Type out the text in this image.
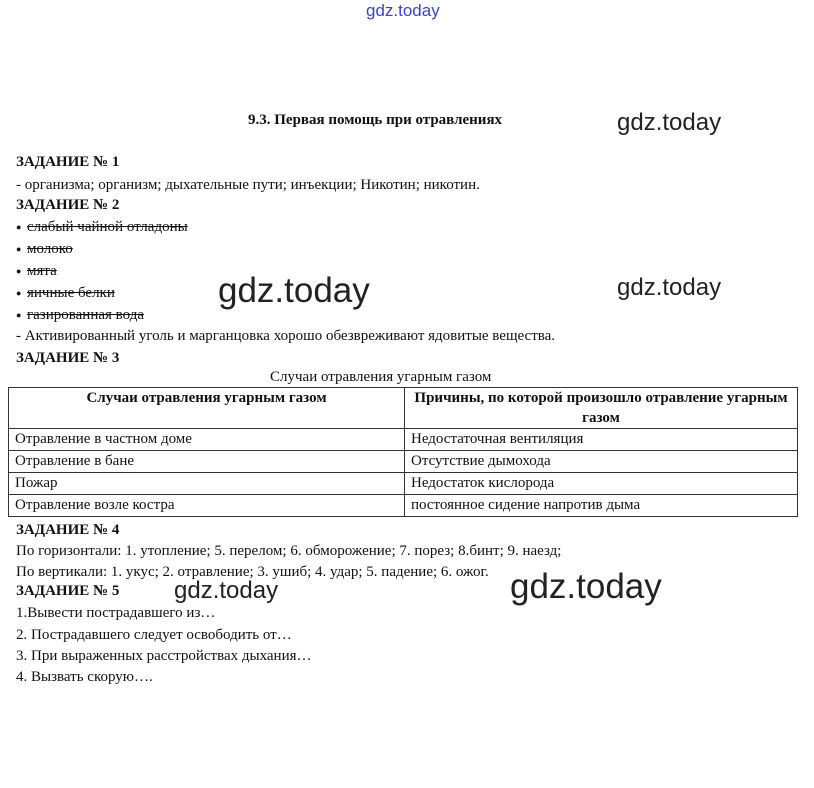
gdz.today
9.3. Первая помощь при отравлениях	gdz.today
ЗАДАНИЕ № 1
- организма; организм; дыхательные пути; инъекции; Никотин; никотин.
ЗАДАНИЕ № 2
● слабый чайной отладоны
● молоко
● мята
● яичные белки
● газированная вода
gdz.today	gdz.today
- Активированный уголь и марганцовка хорошо обезвреживают ядовитые вещества.
ЗАДАНИЕ № 3
Случаи отравления угарным газом
Случаи отравления угарным газом	Причины, по которой произошло отравление угарным газом
Отравление в частном доме	Недостаточная вентиляция
Отравление в бане	Отсутствие дымохода
Пожар	Недостаток кислорода
Отравление возле костра	постоянное сидение напротив дыма
ЗАДАНИЕ № 4
По горизонтали: 1. утопление; 5. перелом; 6. обморожение; 7. порез; 8.бинт; 9. наезд;
По вертикали: 1. укус; 2. отравление; 3. ушиб; 4. удар; 5. падение; 6. ожог.
ЗАДАНИЕ № 5 gdz.today	gdz.today
1.Вывести пострадавшего из…
2. Пострадавшего следует освободить от…
3. При выраженных расстройствах дыхания…
4. Вызвать скорую….
